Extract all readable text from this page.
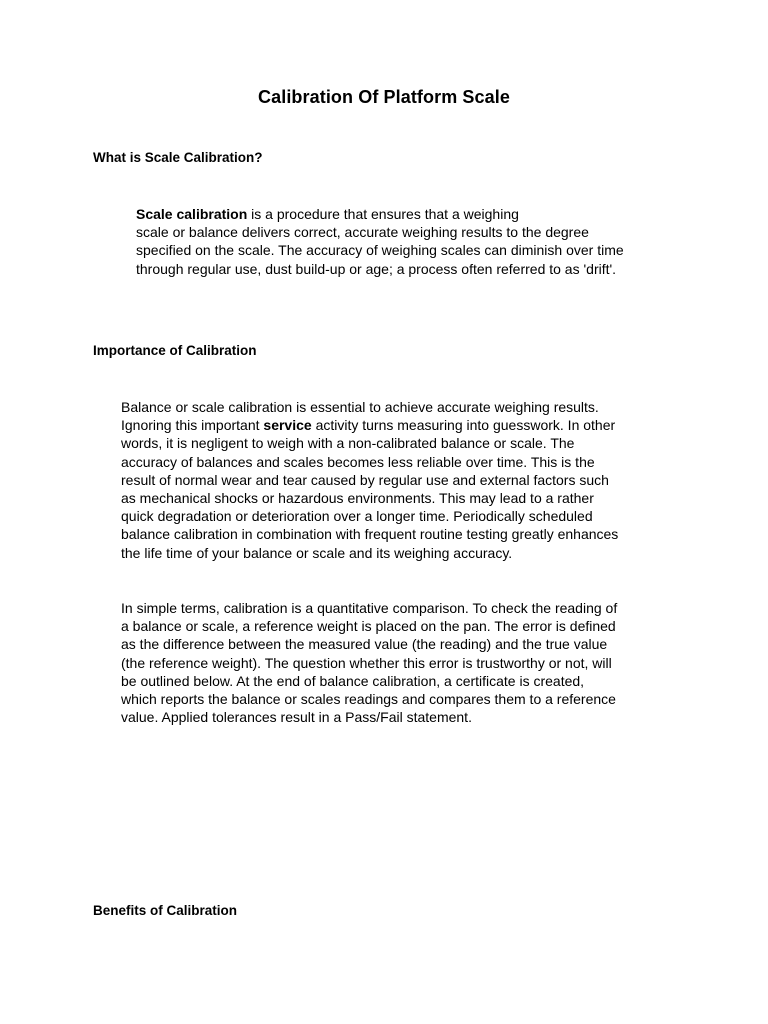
Calibration Of Platform Scale
What is Scale Calibration?
Scale calibration is a procedure that ensures that a weighing
scale or balance delivers correct, accurate weighing results to the degree
specified on the scale. The accuracy of weighing scales can diminish over time
through regular use, dust build-up or age; a process often referred to as 'drift'.
Importance of Calibration
Balance or scale calibration is essential to achieve accurate weighing results.
Ignoring this important service activity turns measuring into guesswork. In other
words, it is negligent to weigh with a non-calibrated balance or scale. The
accuracy of balances and scales becomes less reliable over time. This is the
result of normal wear and tear caused by regular use and external factors such
as mechanical shocks or hazardous environments. This may lead to a rather
quick degradation or deterioration over a longer time. Periodically scheduled
balance calibration in combination with frequent routine testing greatly enhances
the life time of your balance or scale and its weighing accuracy.
In simple terms, calibration is a quantitative comparison. To check the reading of
a balance or scale, a reference weight is placed on the pan. The error is defined
as the difference between the measured value (the reading) and the true value
(the reference weight). The question whether this error is trustworthy or not, will
be outlined below. At the end of balance calibration, a certificate is created,
which reports the balance or scales readings and compares them to a reference
value. Applied tolerances result in a Pass/Fail statement.
Benefits of Calibration
